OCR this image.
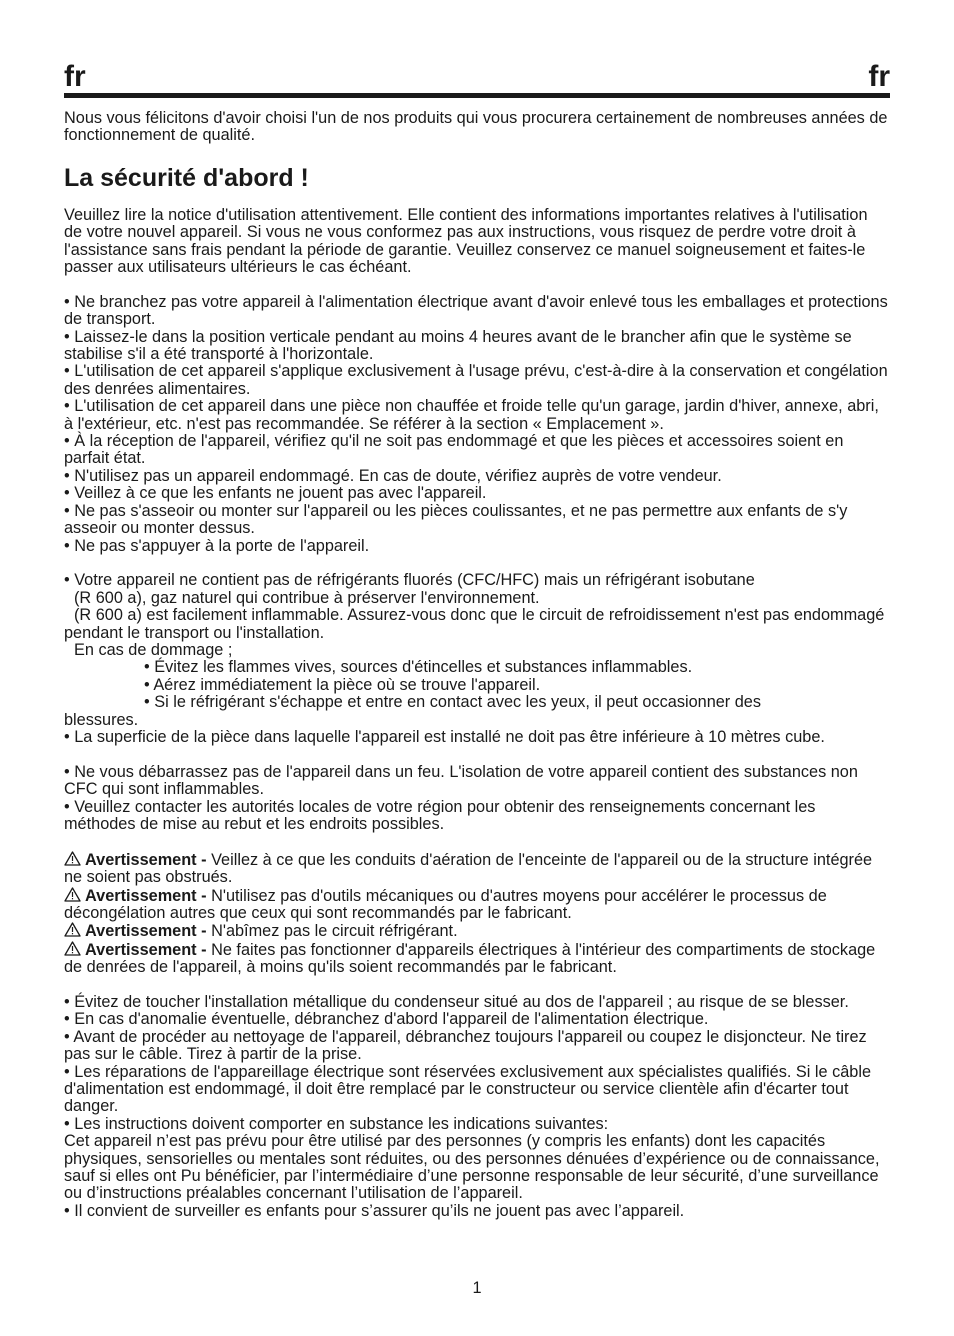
fr	fr

Nous vous félicitons d'avoir choisi l'un de nos produits qui vous procurera certainement de nombreuses années de fonctionnement de qualité.

La sécurité d'abord !

Veuillez lire la notice d'utilisation attentivement. Elle contient des informations importantes relatives à l'utilisation de votre nouvel appareil. Si vous ne vous conformez pas aux instructions, vous risquez de perdre votre droit à l'assistance sans frais pendant la période de garantie. Veuillez conservez ce manuel soigneusement et faites-le passer aux utilisateurs ultérieurs le cas échéant.

• Ne branchez pas votre appareil à l'alimentation électrique avant d'avoir enlevé tous les emballages et protections de transport.

• Laissez-le dans la position verticale pendant au moins 4 heures avant de le brancher afin que le système se stabilise s'il a été transporté à l'horizontale.

• L'utilisation de cet appareil s'applique exclusivement à l'usage prévu, c'est-à-dire à la conservation et congélation des denrées alimentaires.

• L'utilisation de cet appareil dans une pièce non chauffée et froide telle qu'un garage, jardin d'hiver, annexe, abri, à l'extérieur, etc. n'est pas recommandée. Se référer à la section « Emplacement ».

• À la réception de l'appareil, vérifiez qu'il ne soit pas endommagé et que les pièces et accessoires soient en parfait état.

• N'utilisez pas un appareil endommagé. En cas de doute, vérifiez auprès de votre vendeur.

• Veillez à ce que les enfants ne jouent pas avec l'appareil.

• Ne pas s'asseoir ou monter sur l'appareil ou les pièces coulissantes, et ne pas permettre aux enfants de s'y asseoir ou monter dessus.

• Ne pas s'appuyer à la porte de l'appareil.

• Votre appareil ne contient pas de réfrigérants fluorés (CFC/HFC) mais un réfrigérant isobutane

(R 600 a), gaz naturel qui contribue à préserver l'environnement.

(R 600 a) est facilement inflammable. Assurez-vous donc que le circuit de refroidissement n'est pas endommagé pendant le transport ou l'installation.

En cas de dommage ;

• Évitez les flammes vives, sources d'étincelles et substances inflammables.

• Aérez immédiatement la pièce où se trouve l'appareil.

• Si le réfrigérant s'échappe et entre en contact avec les yeux, il peut occasionner des

blessures.

• La superficie de la pièce dans laquelle l'appareil est installé ne doit pas être inférieure à 10 mètres cube.

• Ne vous débarrassez pas de l'appareil dans un feu. L'isolation de votre appareil contient des substances non CFC qui sont inflammables.

• Veuillez contacter les autorités locales de votre région pour obtenir des renseignements concernant les méthodes de mise au rebut et les endroits possibles.

Avertissement - Veillez à ce que les conduits d'aération de l'enceinte de l'appareil ou de la structure intégrée ne soient pas obstrués.

Avertissement - N'utilisez pas d'outils mécaniques ou d'autres moyens pour accélérer le processus de décongélation autres que ceux qui sont recommandés par le fabricant.

Avertissement - N'abîmez pas le circuit réfrigérant.

Avertissement - Ne faites pas fonctionner d'appareils électriques à l'intérieur des compartiments de stockage de denrées de l'appareil, à moins qu'ils soient recommandés par le fabricant.

• Évitez de toucher l'installation métallique du condenseur situé au dos de l'appareil ; au risque de se blesser.

• En cas d'anomalie éventuelle, débranchez d'abord l'appareil de l'alimentation électrique.

• Avant de procéder au nettoyage de l'appareil, débranchez toujours l'appareil ou coupez le disjoncteur. Ne tirez pas sur le câble. Tirez à partir de la prise.

• Les réparations de l'appareillage électrique sont réservées exclusivement aux spécialistes qualifiés. Si le câble d'alimentation est endommagé, il doit être remplacé par le constructeur ou service clientèle afin d'écarter tout danger.

• Les instructions doivent comporter en substance les indications suivantes:

Cet appareil n’est pas prévu pour être utilisé par des personnes (y compris les enfants) dont les capacités physiques, sensorielles ou mentales sont réduites, ou des personnes dénuées d’expérience ou de connaissance, sauf si elles ont Pu bénéficier, par l’intermédiaire d’une personne responsable de leur sécurité, d’une surveillance ou d’instructions préalables concernant l’utilisation de l’appareil.

• Il convient de surveiller es enfants pour s’assurer qu’ils ne jouent pas avec l’appareil.

1
